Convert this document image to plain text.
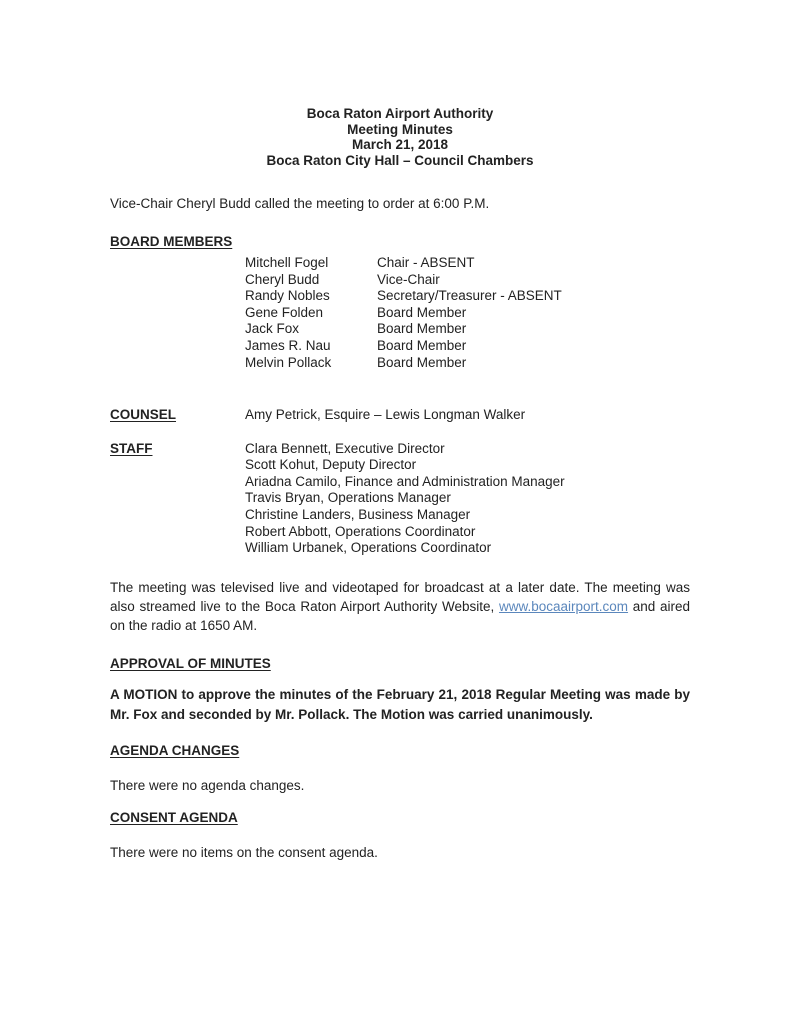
Boca Raton Airport Authority
Meeting Minutes
March 21, 2018
Boca Raton City Hall – Council Chambers
Vice-Chair Cheryl Budd called the meeting to order at 6:00 P.M.
BOARD MEMBERS
Mitchell Fogel	Chair - ABSENT
Cheryl Budd	Vice-Chair
Randy Nobles	Secretary/Treasurer - ABSENT
Gene Folden	Board Member
Jack Fox	Board Member
James R. Nau	Board Member
Melvin Pollack	Board Member
COUNSEL	Amy Petrick, Esquire – Lewis Longman Walker
STAFF	Clara Bennett, Executive Director
Scott Kohut, Deputy Director
Ariadna Camilo, Finance and Administration Manager
Travis Bryan, Operations Manager
Christine Landers, Business Manager
Robert Abbott, Operations Coordinator
William Urbanek, Operations Coordinator
The meeting was televised live and videotaped for broadcast at a later date. The meeting was also streamed live to the Boca Raton Airport Authority Website, www.bocaairport.com and aired on the radio at 1650 AM.
APPROVAL OF MINUTES
A MOTION to approve the minutes of the February 21, 2018 Regular Meeting was made by Mr. Fox and seconded by Mr. Pollack. The Motion was carried unanimously.
AGENDA CHANGES
There were no agenda changes.
CONSENT AGENDA
There were no items on the consent agenda.
